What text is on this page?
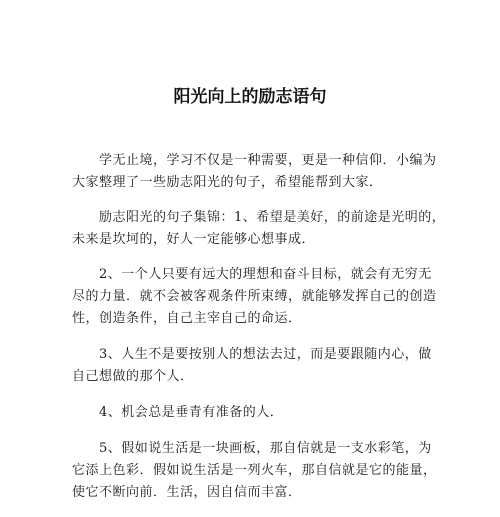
阳光向上的励志语句

　　学无止境，学习不仅是一种需要，更是一种信仰．小编为
大家整理了一些励志阳光的句子，希望能帮到大家．

　　励志阳光的句子集锦：1、希望是美好，的前途是光明的，
未来是坎坷的，好人一定能够心想事成．

　　2、一个人只要有远大的理想和奋斗目标，就会有无穷无
尽的力量．就不会被客观条件所束缚，就能够发挥自己的创造
性，创造条件，自己主宰自己的命运．

　　3、人生不是要按别人的想法去过，而是要跟随内心，做
自己想做的那个人．

　　4、机会总是垂青有准备的人．

　　5、假如说生活是一块画板，那自信就是一支水彩笔，为
它添上色彩．假如说生活是一列火车，那自信就是它的能量，
使它不断向前．生活，因自信而丰富．
